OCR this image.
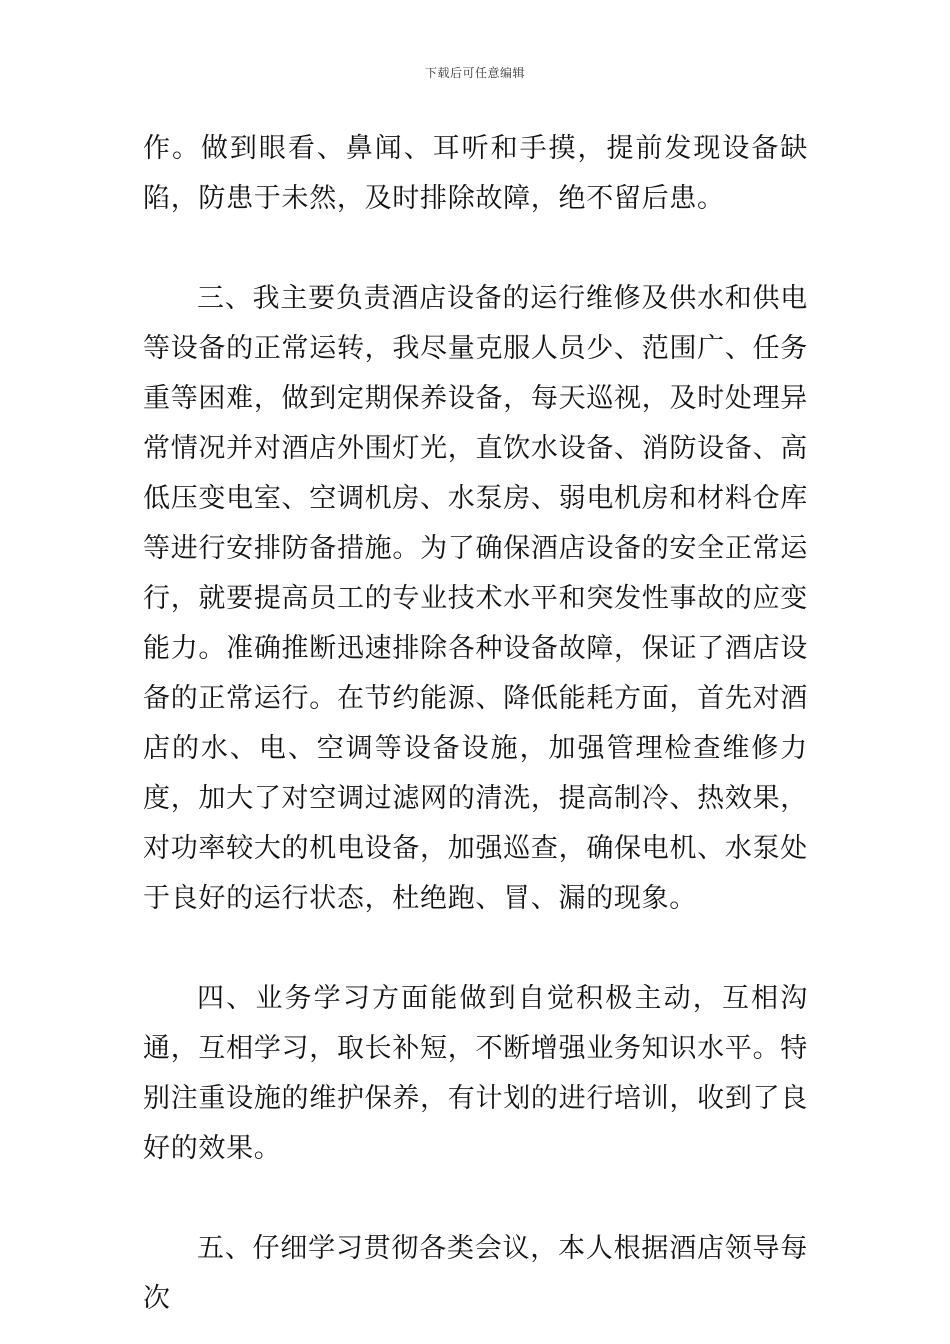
下载后可任意编辑

作。做到眼看、鼻闻、耳听和手摸，提前发现设备缺陷，防患于未然，及时排除故障，绝不留后患。

三、我主要负责酒店设备的运行维修及供水和供电等设备的正常运转，我尽量克服人员少、范围广、任务重等困难，做到定期保养设备，每天巡视，及时处理异常情况并对酒店外围灯光，直饮水设备、消防设备、高低压变电室、空调机房、水泵房、弱电机房和材料仓库等进行安排防备措施。为了确保酒店设备的安全正常运行，就要提高员工的专业技术水平和突发性事故的应变能力。准确推断迅速排除各种设备故障，保证了酒店设备的正常运行。在节约能源、降低能耗方面，首先对酒店的水、电、空调等设备设施，加强管理检查维修力度，加大了对空调过滤网的清洗，提高制冷、热效果，对功率较大的机电设备，加强巡查，确保电机、水泵处于良好的运行状态，杜绝跑、冒、漏的现象。

四、业务学习方面能做到自觉积极主动，互相沟通，互相学习，取长补短，不断增强业务知识水平。特别注重设施的维护保养，有计划的进行培训，收到了良好的效果。

五、仔细学习贯彻各类会议，本人根据酒店领导每次
